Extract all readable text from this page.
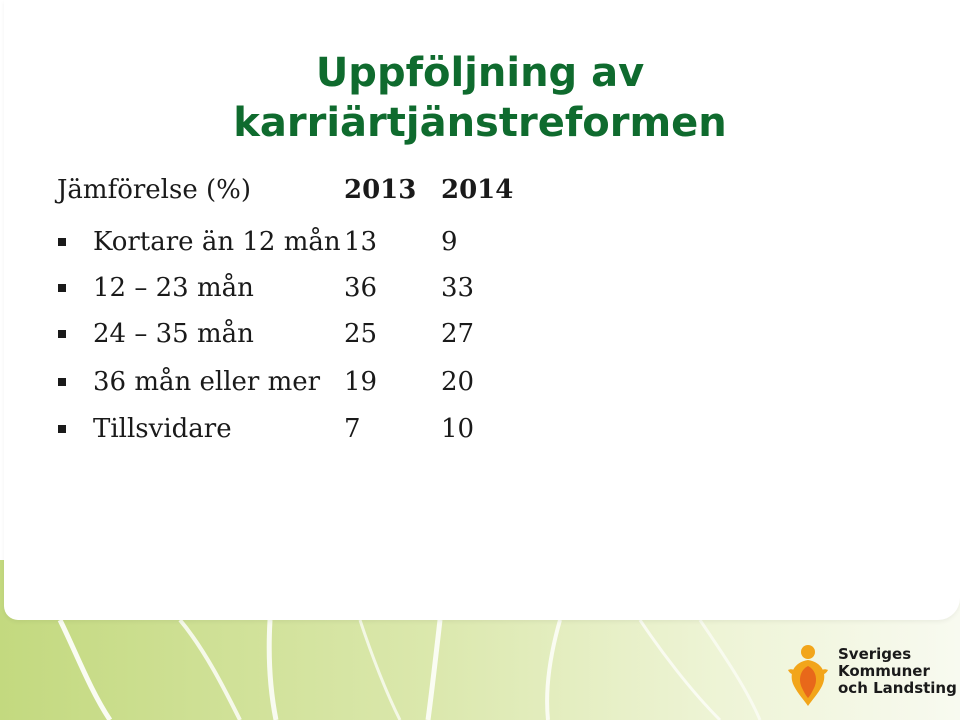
Uppföljning av
karriärtjänstreformen
Jämförelse (%)	2013 2014
Kortare än 12 mån 13 9
12 – 23 mån	36 33
24 – 35 mån	25 27
36 mån eller mer 19 20
Tillsvidare	7	10
Sveriges
Kommuner
och Landsting
